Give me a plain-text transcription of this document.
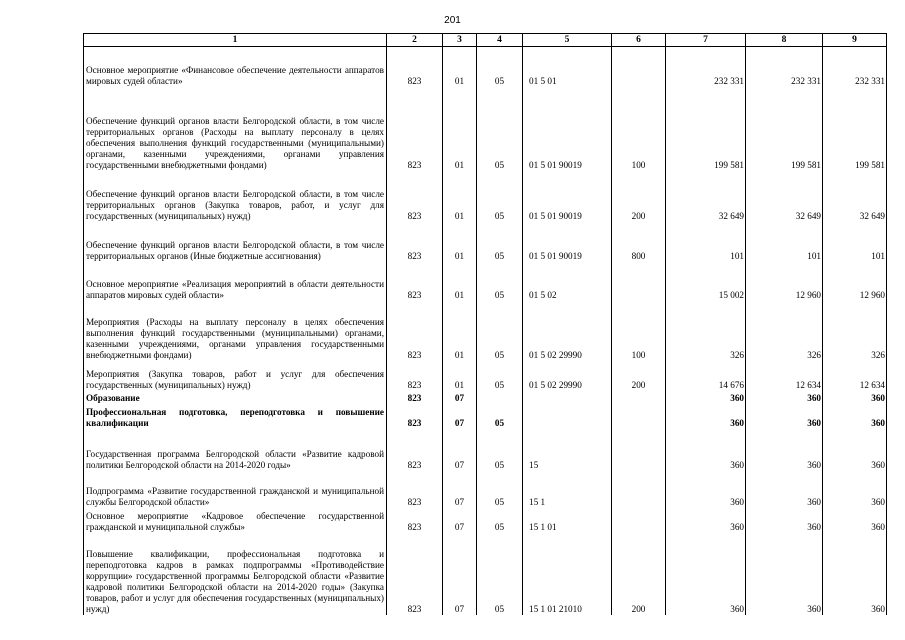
201
1	2	3	4	5	6	7	8	9
Основное мероприятие «Финансовое обеспечение деятельности аппаратов мировых судей области»	823	01	05	01 5 01		232 331	232 331	232 331
Обеспечение функций органов власти Белгородской области, в том числе территориальных органов (Расходы на выплату персоналу в целях обеспечения выполнения функций государственными (муниципальными) органами, казенными учреждениями, органами управления государственными внебюджетными фондами)	823	01	05	01 5 01 90019	100	199 581	199 581	199 581
Обеспечение функций органов власти Белгородской области, в том числе территориальных органов (Закупка товаров, работ, и услуг для государственных (муниципальных) нужд)	823	01	05	01 5 01 90019	200	32 649	32 649	32 649
Обеспечение функций органов власти Белгородской области, в том числе территориальных органов (Иные бюджетные ассигнования)	823	01	05	01 5 01 90019	800	101	101	101
Основное мероприятие «Реализация мероприятий в области деятельности аппаратов мировых судей области»	823	01	05	01 5 02		15 002	12 960	12 960
Мероприятия (Расходы на выплату персоналу в целях обеспечения выполнения функций государственными (муниципальными) органами, казенными учреждениями, органами управления государственными внебюджетными фондами)	823	01	05	01 5 02 29990	100	326	326	326
Мероприятия (Закупка товаров, работ и услуг для обеспечения государственных (муниципальных) нужд)	823	01	05	01 5 02 29990	200	14 676	12 634	12 634
Образование	823	07				360	360	360
Профессиональная подготовка, переподготовка и повышение квалификации	823	07	05			360	360	360
Государственная программа Белгородской области «Развитие кадровой политики Белгородской области на 2014-2020 годы»	823	07	05	15		360	360	360
Подпрограмма «Развитие государственной гражданской и муниципальной службы Белгородской области»	823	07	05	15 1		360	360	360
Основное мероприятие «Кадровое обеспечение государственной гражданской и муниципальной службы»	823	07	05	15 1 01		360	360	360
Повышение квалификации, профессиональная подготовка и переподготовка кадров в рамках подпрограммы «Противодействие коррупции» государственной программы Белгородской области «Развитие кадровой политики Белгородской области на 2014-2020 годы» (Закупка товаров, работ и услуг для обеспечения государственных (муниципальных) нужд)	823	07	05	15 1 01 21010	200	360	360	360
